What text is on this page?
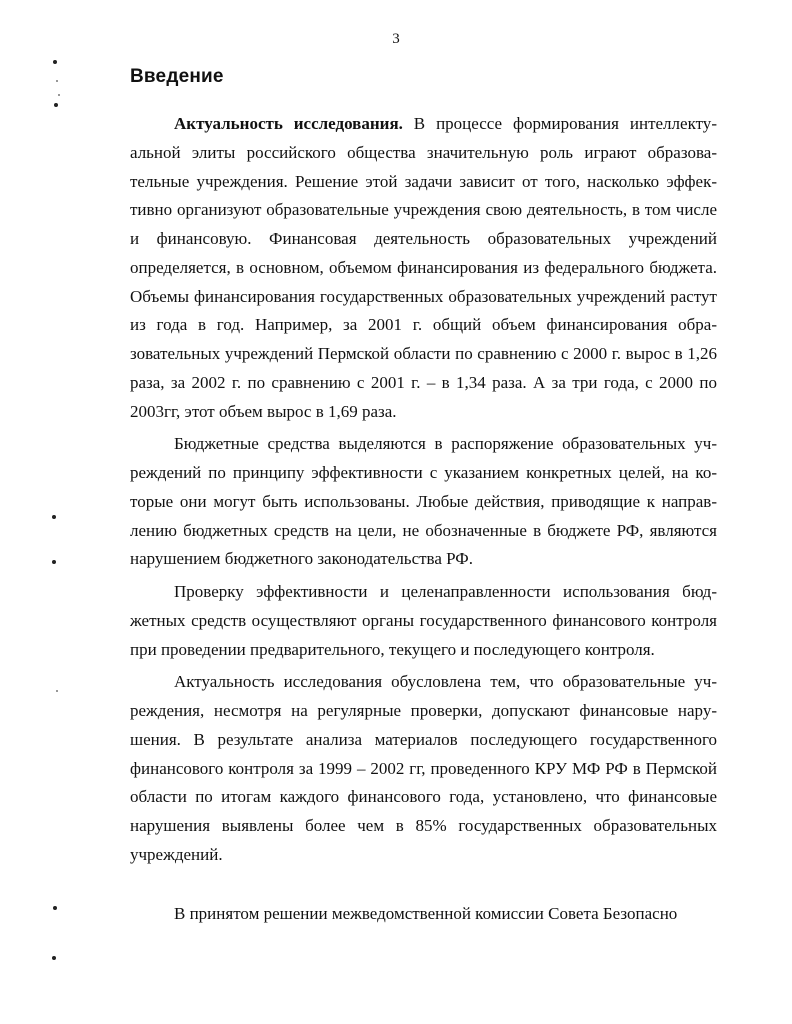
3
Введение

Актуальность исследования. В процессе формирования интеллектуальной элиты российского общества значительную роль играют образовательные учреждения. Решение этой задачи зависит от того, насколько эффективно организуют образовательные учреждения свою деятельность, в том числе и финансовую. Финансовая деятельность образовательных учреждений определяется, в основном, объемом финансирования из федерального бюджета. Объемы финансирования государственных образовательных учреждений растут из года в год. Например, за 2001 г. общий объем финансирования образовательных учреждений Пермской области по сравнению с 2000 г. вырос в 1,26 раза, за 2002 г. по сравнению с 2001 г. – в 1,34 раза. А за три года, с 2000 по 2003гг, этот объем вырос в 1,69 раза.

Бюджетные средства выделяются в распоряжение образовательных учреждений по принципу эффективности с указанием конкретных целей, на которые они могут быть использованы. Любые действия, приводящие к направлению бюджетных средств на цели, не обозначенные в бюджете РФ, являются нарушением бюджетного законодательства РФ.

Проверку эффективности и целенаправленности использования бюджетных средств осуществляют органы государственного финансового контроля при проведении предварительного, текущего и последующего контроля.

Актуальность исследования обусловлена тем, что образовательные учреждения, несмотря на регулярные проверки, допускают финансовые нарушения. В результате анализа материалов последующего государственного финансового контроля за 1999 – 2002 гг, проведенного КРУ МФ РФ в Пермской области по итогам каждого финансового года, установлено, что финансовые нарушения выявлены более чем в 85% государственных образовательных учреждений.

В принятом решении межведомственной комиссии Совета Безопасно
